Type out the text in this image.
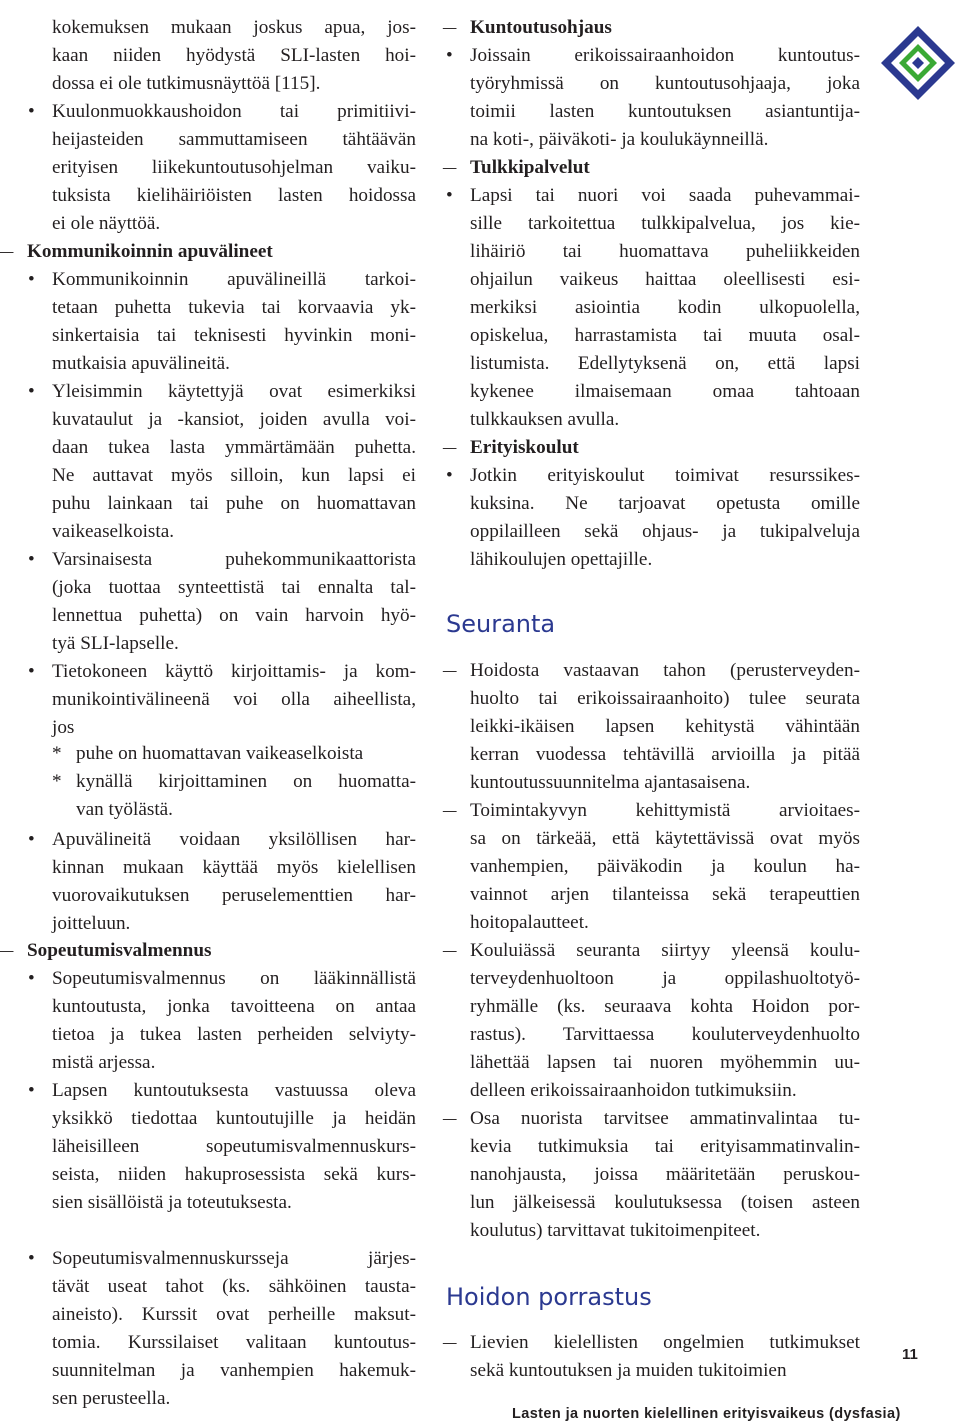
kokemuksen mukaan joskus apua, jos-
kaan niiden hyödystä SLI-lasten hoi-
dossa ei ole tutkimusnäyttöä [115].
• Kuulonmuokkaushoidon tai primitiivi-
heijasteiden sammuttamiseen tähtäävän
erityisen liikekuntoutusohjelman vaiku-
tuksista kielihäiriöisten lasten hoidossa
ei ole näyttöä.
– Kommunikoinnin apuvälineet
• Kommunikoinnin apuvälineillä tarkoi-
tetaan puhetta tukevia tai korvaavia yk-
sinkertaisia tai teknisesti hyvinkin moni-
mutkaisia apuvälineitä.
• Yleisimmin käytettyjä ovat esimerkiksi
kuvataulut ja -kansiot, joiden avulla voi-
daan tukea lasta ymmärtämään puhetta.
Ne auttavat myös silloin, kun lapsi ei
puhu lainkaan tai puhe on huomattavan
vaikeaselkoista.
• Varsinaisesta puhekommunikaattorista
(joka tuottaa synteettistä tai ennalta tal-
lennettua puhetta) on vain harvoin hyö-
tyä SLI-lapselle.
• Tietokoneen käyttö kirjoittamis- ja kom-
munikointivälineenä voi olla aiheellista,
jos
* puhe on huomattavan vaikeaselkoista
* kynällä kirjoittaminen on huomatta-
van työlästä.
• Apuvälineitä voidaan yksilöllisen har-
kinnan mukaan käyttää myös kielellisen
vuorovaikutuksen peruselementtien har-
joitteluun.
– Sopeutumisvalmennus
• Sopeutumisvalmennus on lääkinnällistä
kuntoutusta, jonka tavoitteena on antaa
tietoa ja tukea lasten perheiden selviyty-
mistä arjessa.
• Lapsen kuntoutuksesta vastuussa oleva
yksikkö tiedottaa kuntoutujille ja heidän
läheisilleen sopeutumisvalmennuskurs-
seista, niiden hakuprosessista sekä kurs-
sien sisällöistä ja toteutuksesta.
• Sopeutumisvalmennuskursseja järjes-
tävät useat tahot (ks. sähköinen tausta-
aineisto). Kurssit ovat perheille maksut-
tomia. Kurssilaiset valitaan kuntoutus-
suunnitelman ja vanhempien hakemuk-
sen perusteella.
– Kuntoutusohjaus
• Joissain erikoissairaanhoidon kuntoutus-
työryhmissä on kuntoutusohjaaja, joka
toimii lasten kuntoutuksen asiantuntija-
na koti-, päiväkoti- ja koulukäynneillä.
– Tulkkipalvelut
• Lapsi tai nuori voi saada puhevammai-
sille tarkoitettua tulkkipalvelua, jos kie-
lihäiriö tai huomattava puheliikkeiden
ohjailun vaikeus haittaa oleellisesti esi-
merkiksi asiointia kodin ulkopuolella,
opiskelua, harrastamista tai muuta osal-
listumista. Edellytyksenä on, että lapsi
kykenee ilmaisemaan omaa tahtoaan
tulkkauksen avulla.
– Erityiskoulut
• Jotkin erityiskoulut toimivat resurssikes-
kuksina. Ne tarjoavat opetusta omille
oppilailleen sekä ohjaus- ja tukipalveluja
lähikoulujen opettajille.
Seuranta
– Hoidosta vastaavan tahon (perusterveyden-
huolto tai erikoissairaanhoito) tulee seurata
leikki-ikäisen lapsen kehitystä vähintään
kerran vuodessa tehtävillä arvioilla ja pitää
kuntoutussuunnitelma ajantasaisena.
– Toimintakyvyn kehittymistä arvioitaes-
sa on tärkeää, että käytettävissä ovat myös
vanhempien, päiväkodin ja koulun ha-
vainnot arjen tilanteissa sekä terapeuttien
hoitopalautteet.
– Kouluiässä seuranta siirtyy yleensä koulu-
terveydenhuoltoon ja oppilashuoltotyö-
ryhmälle (ks. seuraava kohta Hoidon por-
rastus). Tarvittaessa kouluterveydenhuolto
lähettää lapsen tai nuoren myöhemmin uu-
delleen erikoissairaanhoidon tutkimuksiin.
– Osa nuorista tarvitsee ammatinvalintaa tu-
kevia tutkimuksia tai erityisammatinvalin-
nanohjausta, joissa määritetään peruskou-
lun jälkeisessä koulutuksessa (toisen asteen
koulutus) tarvittavat tukitoimenpiteet.
Hoidon porrastus
– Lievien kielellisten ongelmien tutkimukset
sekä kuntoutuksen ja muiden tukitoimien
11
Lasten ja nuorten kielellinen erityisvaikeus (dysfasia)
